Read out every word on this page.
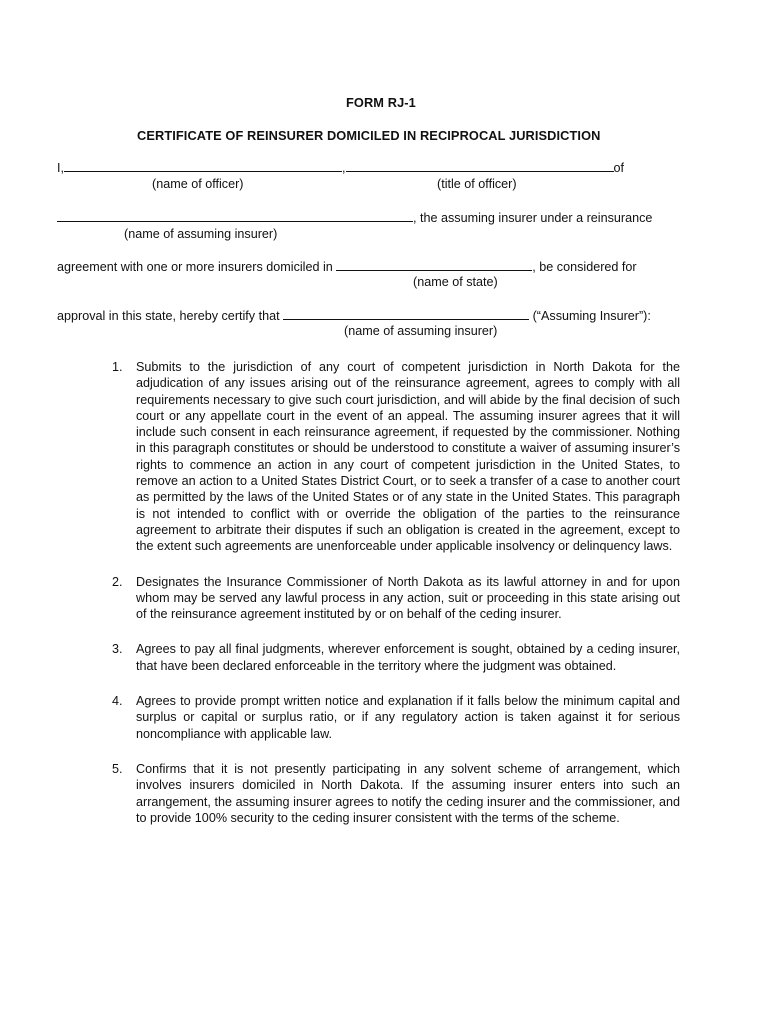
FORM RJ-1
CERTIFICATE OF REINSURER DOMICILED IN RECIPROCAL JURISDICTION
I,	,	of
(name of officer)	(title of officer)
, the assuming insurer under a reinsurance
(name of assuming insurer)
agreement with one or more insurers domiciled in	, be considered for
(name of state)
approval in this state, hereby certify that	(“Assuming Insurer”):
(name of assuming insurer)
1. Submits to the jurisdiction of any court of competent jurisdiction in North Dakota for the adjudication of any issues arising out of the reinsurance agreement, agrees to comply with all requirements necessary to give such court jurisdiction, and will abide by the final decision of such court or any appellate court in the event of an appeal. The assuming insurer agrees that it will include such consent in each reinsurance agreement, if requested by the commissioner. Nothing in this paragraph constitutes or should be understood to constitute a waiver of assuming insurer’s rights to commence an action in any court of competent jurisdiction in the United States, to remove an action to a United States District Court, or to seek a transfer of a case to another court as permitted by the laws of the United States or of any state in the United States. This paragraph is not intended to conflict with or override the obligation of the parties to the reinsurance agreement to arbitrate their disputes if such an obligation is created in the agreement, except to the extent such agreements are unenforceable under applicable insolvency or delinquency laws.
2. Designates the Insurance Commissioner of North Dakota as its lawful attorney in and for upon whom may be served any lawful process in any action, suit or proceeding in this state arising out of the reinsurance agreement instituted by or on behalf of the ceding insurer.
3. Agrees to pay all final judgments, wherever enforcement is sought, obtained by a ceding insurer, that have been declared enforceable in the territory where the judgment was obtained.
4. Agrees to provide prompt written notice and explanation if it falls below the minimum capital and surplus or capital or surplus ratio, or if any regulatory action is taken against it for serious noncompliance with applicable law.
5. Confirms that it is not presently participating in any solvent scheme of arrangement, which involves insurers domiciled in North Dakota. If the assuming insurer enters into such an arrangement, the assuming insurer agrees to notify the ceding insurer and the commissioner, and to provide 100% security to the ceding insurer consistent with the terms of the scheme.
